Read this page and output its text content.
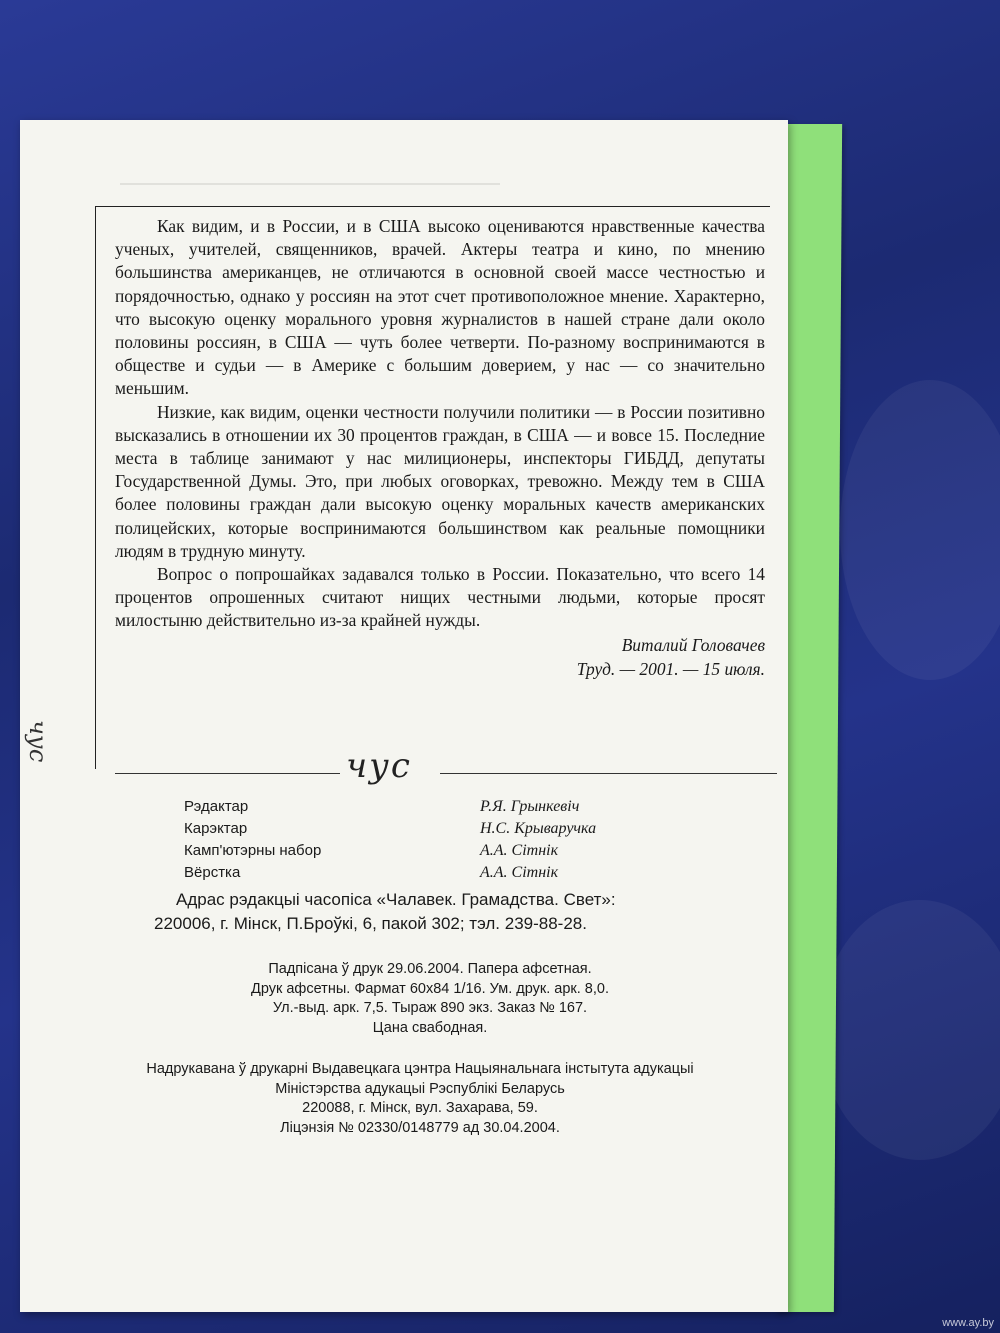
Как видим, и в России, и в США высоко оцениваются нравственные качества ученых, учителей, священников, врачей. Актеры театра и кино, по мнению большинства американцев, не отличаются в основной своей массе честностью и порядочностью, однако у россиян на этот счет противоположное мнение. Характерно, что высокую оценку морального уровня журналистов в нашей стране дали около половины россиян, в США — чуть более четверти. По-разному воспринимаются в обществе и судьи — в Америке с большим доверием, у нас — со значительно меньшим.

Низкие, как видим, оценки честности получили политики — в России позитивно высказались в отношении их 30 процентов граждан, в США — и вовсе 15. Последние места в таблице занимают у нас милиционеры, инспекторы ГИБДД, депутаты Государственной Думы. Это, при любых оговорках, тревожно. Между тем в США более половины граждан дали высокую оценку моральных качеств американских полицейских, которые воспринимаются большинством как реальные помощники людям в трудную минуту.

Вопрос о попрошайках задавался только в России. Показательно, что всего 14 процентов опрошенных считают нищих честными людьми, которые просят милостыню действительно из-за крайней нужды.

Виталий Головачев
Труд. — 2001. — 15 июля.
чус
чус
Рэдактар
Карэктар
Камп'ютэрны набор
Вёрстка
Р.Я. Грынкевіч
Н.С. Крываручка
А.А. Сітнік
А.А. Сітнік
Адрас рэдакцыі часопіса «Чалавек. Грамадства. Свет»:
220006, г. Мінск, П.Броўкі, 6, пакой 302; тэл. 239-88-28.
Падпісана ў друк 29.06.2004. Папера афсетная.
Друк афсетны. Фармат 60x84 1/16. Ум. друк. арк. 8,0.
Ул.-выд. арк. 7,5. Тыраж 890 экз. Заказ № 167.
Цана свабодная.
Надрукавана ў друкарні Выдавецкага цэнтра Нацыянальнага інстытута адукацыі
Міністэрства адукацыі Рэспублікі Беларусь
220088, г. Мінск, вул. Захарава, 59.
Ліцэнзія № 02330/0148779 ад 30.04.2004.
www.ay.by
